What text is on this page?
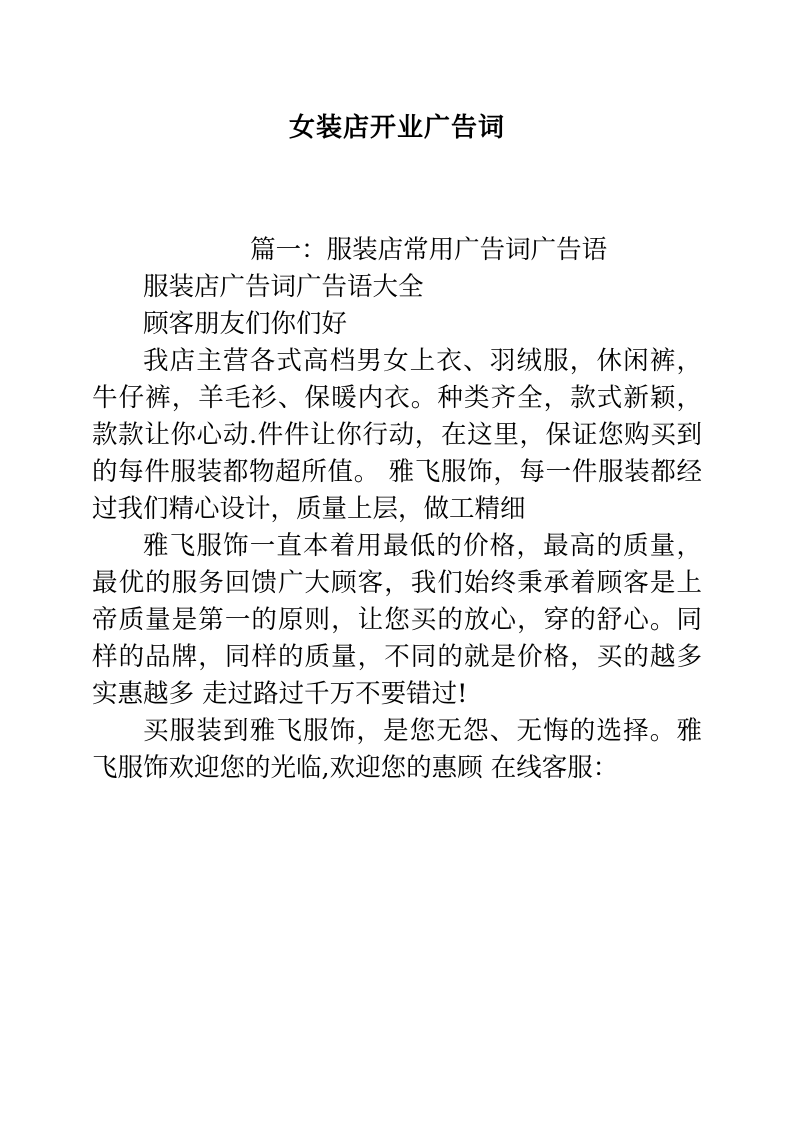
女装店开业广告词

篇一：服装店常用广告词广告语

服装店广告词广告语大全

顾客朋友们你们好

我店主营各式高档男女上衣、羽绒服，休闲裤，牛仔裤，羊毛衫、保暖内衣。种类齐全，款式新颖，款款让你心动.件件让你行动，在这里，保证您购买到的每件服装都物超所值。 雅飞服饰，每一件服装都经过我们精心设计，质量上层，做工精细

雅飞服饰一直本着用最低的价格，最高的质量，最优的服务回馈广大顾客，我们始终秉承着顾客是上帝质量是第一的原则，让您买的放心，穿的舒心。同样的品牌，同样的质量，不同的就是价格，买的越多 实惠越多 走过路过千万不要错过!

买服装到雅飞服饰，是您无怨、无悔的选择。雅飞服饰欢迎您的光临,欢迎您的惠顾 在线客服：
